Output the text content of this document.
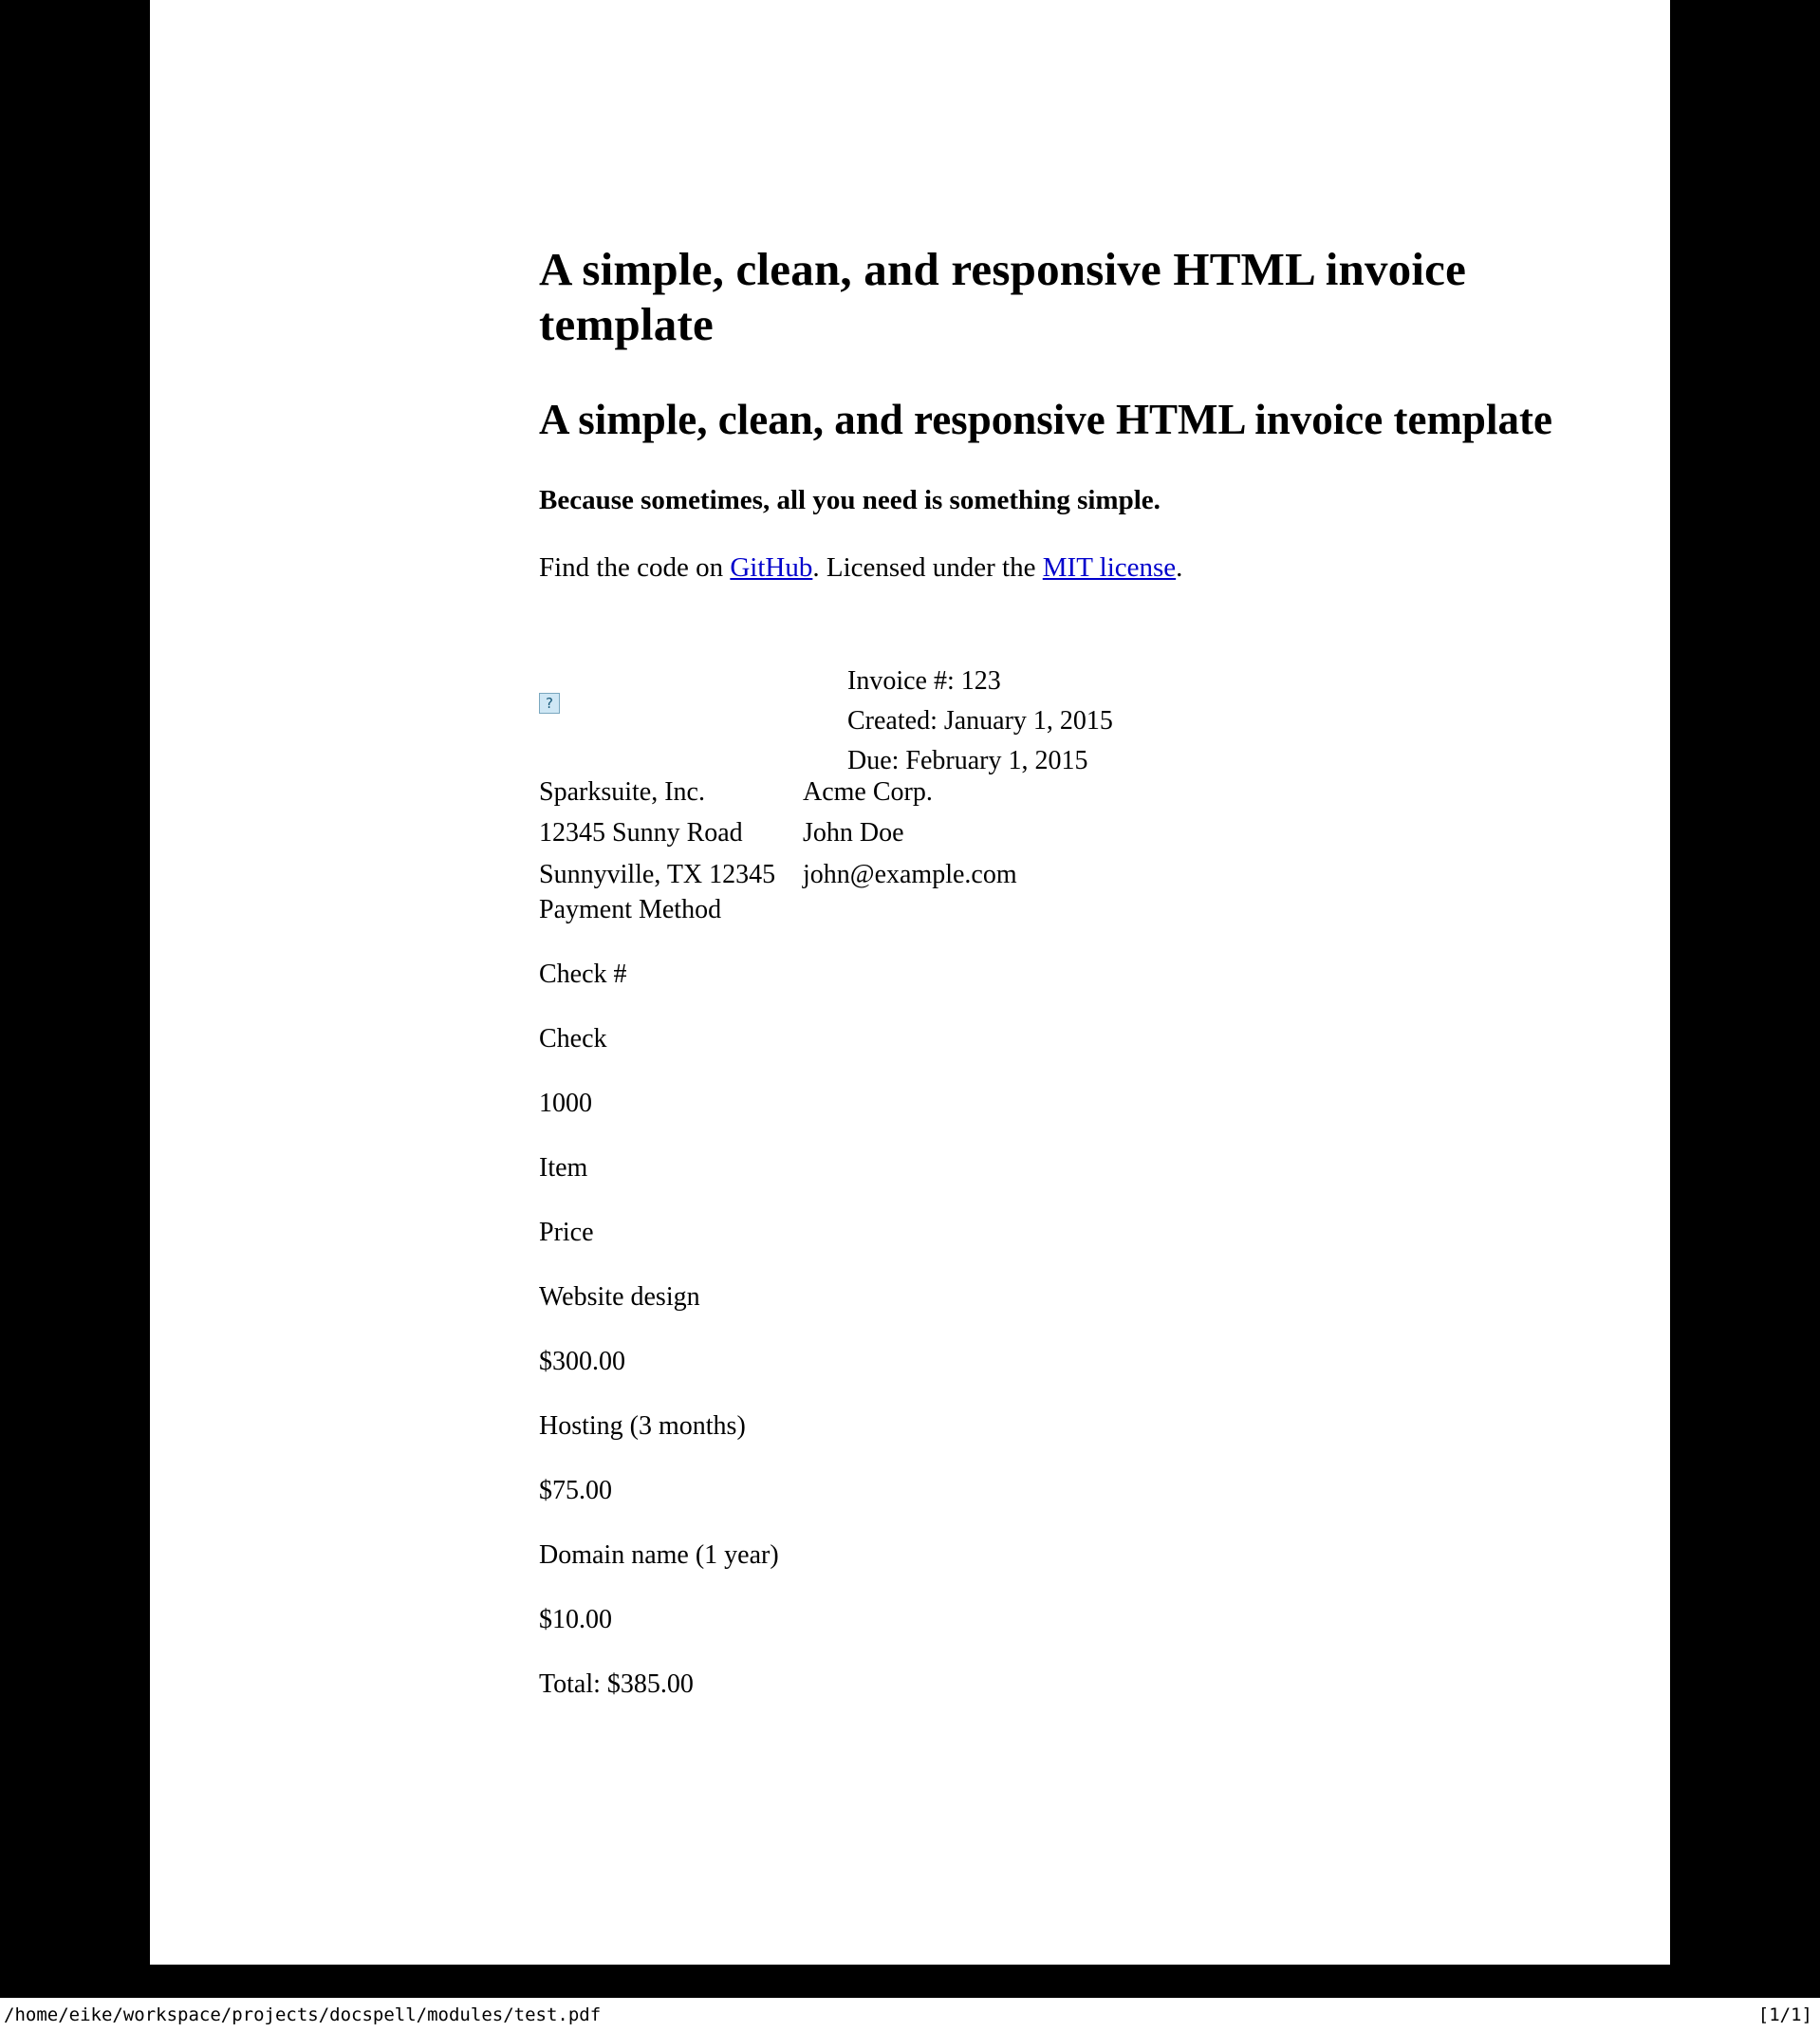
A simple, clean, and responsive HTML invoice template
A simple, clean, and responsive HTML invoice template

Because sometimes, all you need is something simple.

Find the code on GitHub. Licensed under the MIT license.

?
Invoice #: 123
Created: January 1, 2015
Due: February 1, 2015
Sparksuite, Inc.
12345 Sunny Road
Sunnyville, TX 12345
Acme Corp.
John Doe
john@example.com
Payment Method
Check #
Check
1000
Item
Price
Website design
$300.00
Hosting (3 months)
$75.00
Domain name (1 year)
$10.00
Total: $385.00
/home/eike/workspace/projects/docspell/modules/test.pdf	[1/1]
